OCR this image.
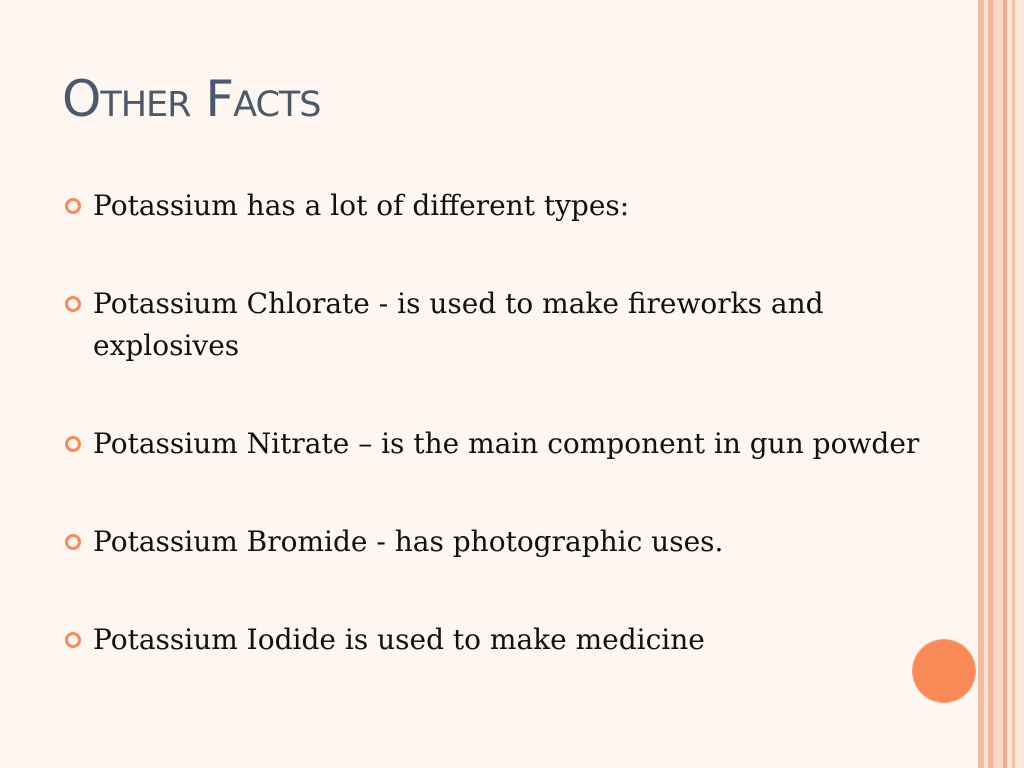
Other Facts
Potassium has a lot of different types:
Potassium Chlorate - is used to make fireworks and explosives
Potassium Nitrate – is the main component in gun powder
Potassium Bromide - has photographic uses.
Potassium Iodide is used to make medicine
